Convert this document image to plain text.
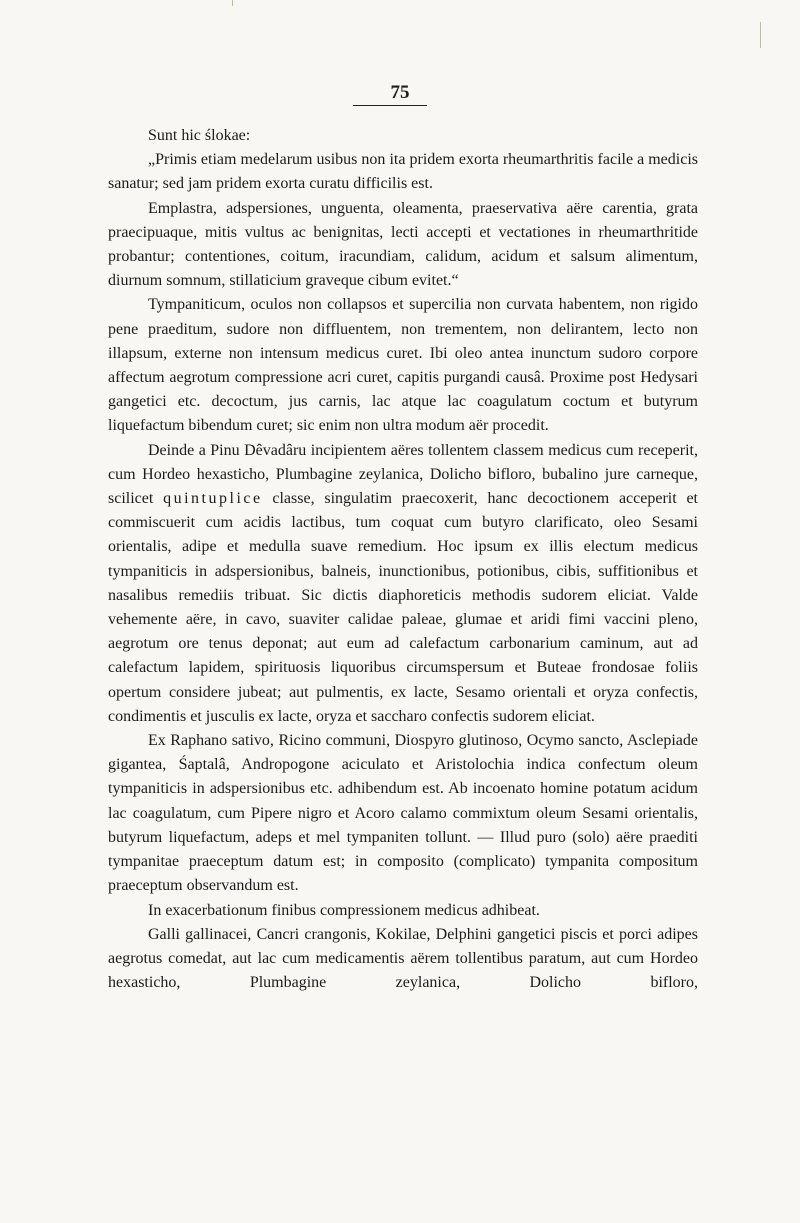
75

Sunt hic ślokae:

„Primis etiam medelarum usibus non ita pridem exorta rheumarthritis facile a medicis sanatur; sed jam pridem exorta curatu difficilis est.

Emplastra, adspersiones, unguenta, oleamenta, praeservativa aëre carentia, grata praecipuaque, mitis vultus ac benignitas, lecti accepti et vectationes in rheumarthritide probantur; contentiones, coitum, iracundiam, calidum, acidum et salsum alimentum, diurnum somnum, stillaticium graveque cibum evitet.“

Tympaniticum, oculos non collapsos et supercilia non curvata habentem, non rigido pene praeditum, sudore non diffluentem, non trementem, non delirantem, lecto non illapsum, externe non intensum medicus curet. Ibi oleo antea inunctum sudoro corpore affectum aegrotum compressione acri curet, capitis purgandi causâ. Proxime post Hedysari gangetici etc. decoctum, jus carnis, lac atque lac coagulatum coctum et butyrum liquefactum bibendum curet; sic enim non ultra modum aër procedit.

Deinde a Pinu Dêvadâru incipientem aëres tollentem classem medicus cum receperit, cum Hordeo hexasticho, Plumbagine zeylanica, Dolicho bifloro, bubalino jure carneque, scilicet quintuplice classe, singulatim praecoxerit, hanc decoctionem acceperit et commiscuerit cum acidis lactibus, tum coquat cum butyro clarificato, oleo Sesami orientalis, adipe et medulla suave remedium. Hoc ipsum ex illis electum medicus tympaniticis in adspersionibus, balneis, inunctionibus, potionibus, cibis, suffitionibus et nasalibus remediis tribuat. Sic dictis diaphoreticis methodis sudorem eliciat. Valde vehemente aëre, in cavo, suaviter calidae paleae, glumae et aridi fimi vaccini pleno, aegrotum ore tenus deponat; aut eum ad calefactum carbonarium caminum, aut ad calefactum lapidem, spirituosis liquoribus circumspersum et Buteae frondosae foliis opertum considere jubeat; aut pulmentis, ex lacte, Sesamo orientali et oryza confectis, condimentis et jusculis ex lacte, oryza et saccharo confectis sudorem eliciat.

Ex Raphano sativo, Ricino communi, Diospyro glutinoso, Ocymo sancto, Asclepiade gigantea, Śaptalâ, Andropogone aciculato et Aristolochia indica confectum oleum tympaniticis in adspersionibus etc. adhibendum est. Ab incoenato homine potatum acidum lac coagulatum, cum Pipere nigro et Acoro calamo commixtum oleum Sesami orientalis, butyrum liquefactum, adeps et mel tympaniten tollunt. — Illud puro (solo) aëre praediti tympanitae praeceptum datum est; in composito (complicato) tympanita compositum praeceptum observandum est.

In exacerbationum finibus compressionem medicus adhibeat.

Galli gallinacei, Cancri crangonis, Kokilae, Delphini gangetici piscis et porci adipes aegrotus comedat, aut lac cum medicamentis aërem tollentibus paratum, aut cum Hordeo hexasticho, Plumbagine zeylanica, Dolicho bifloro,
